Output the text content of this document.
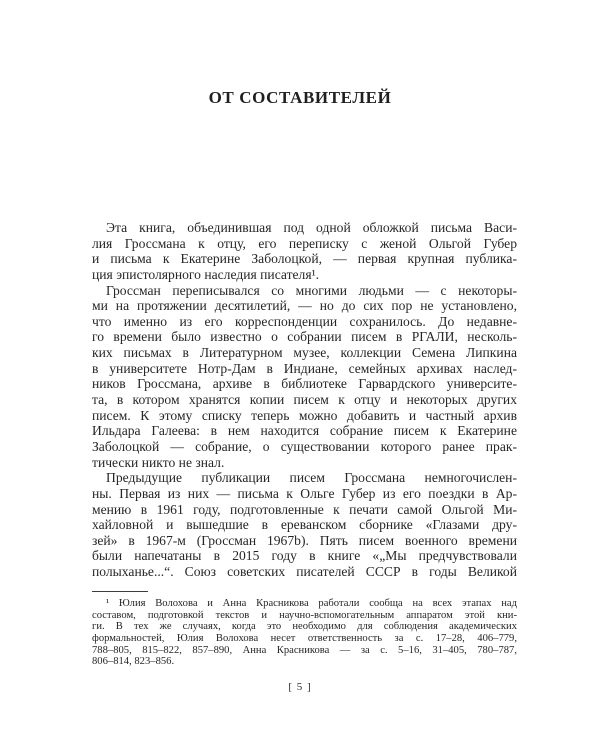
ОТ СОСТАВИТЕЛЕЙ
Эта книга, объединившая под одной обложкой письма Васи-
лия Гроссмана к отцу, его переписку с женой Ольгой Губер
и письма к Екатерине Заболоцкой, — первая крупная публика-
ция эпистолярного наследия писателя¹.
Гроссман переписывался со многими людьми — с некоторы-
ми на протяжении десятилетий, — но до сих пор не установлено,
что именно из его корреспонденции сохранилось. До недавне-
го времени было известно о собрании писем в РГАЛИ, несколь-
ких письмах в Литературном музее, коллекции Семена Липкина
в университете Нотр-Дам в Индиане, семейных архивах наслед-
ников Гроссмана, архиве в библиотеке Гарвардского университе-
та, в котором хранятся копии писем к отцу и некоторых других
писем. К этому списку теперь можно добавить и частный архив
Ильдара Галеева: в нем находится собрание писем к Екатерине
Заболоцкой — собрание, о существовании которого ранее прак-
тически никто не знал.
Предыдущие публикации писем Гроссмана немногочислен-
ны. Первая из них — письма к Ольге Губер из его поездки в Ар-
мению в 1961 году, подготовленные к печати самой Ольгой Ми-
хайловной и вышедшие в ереванском сборнике «Глазами дру-
зей» в 1967-м (Гроссман 1967b). Пять писем военного времени
были напечатаны в 2015 году в книге «„Мы предчувствовали
полыханье...“. Союз советских писателей СССР в годы Великой
¹ Юлия Волохова и Анна Красникова работали сообща на всех этапах над
составом, подготовкой текстов и научно-вспомогательным аппаратом этой кни-
ги. В тех же случаях, когда это необходимо для соблюдения академических
формальностей, Юлия Волохова несет ответственность за с. 17–28, 406–779,
788–805, 815–822, 857–890, Анна Красникова — за с. 5–16, 31–405, 780–787,
806–814, 823–856.
[ 5 ]
